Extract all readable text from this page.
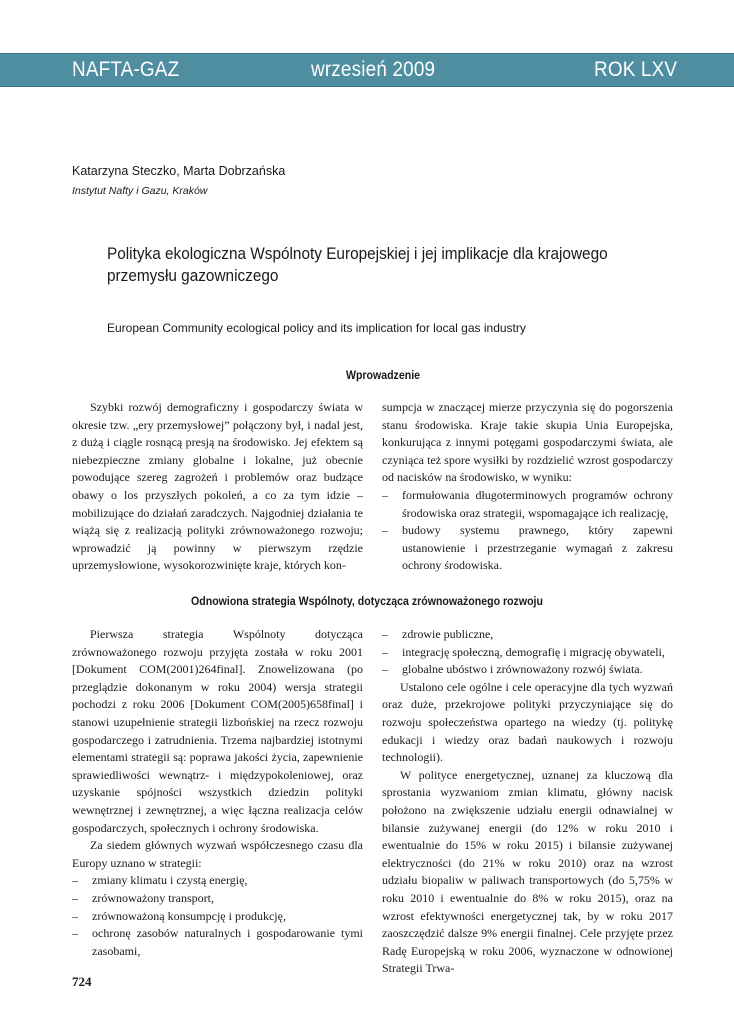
NAFTA-GAZ	wrzesień 2009	ROK LXV
Katarzyna Steczko, Marta Dobrzańska
Instytut Nafty i Gazu, Kraków
Polityka ekologiczna Wspólnoty Europejskiej i jej implikacje dla krajowego przemysłu gazowniczego
European Community ecological policy and its implication for local gas industry
Wprowadzenie

Szybki rozwój demograficzny i gospodarczy świata w okresie tzw. „ery przemysłowej” połączony był, i nadal jest, z dużą i ciągle rosnącą presją na środowisko. Jej efektem są niebezpieczne zmiany globalne i lokalne, już obecnie powodujące szereg zagrożeń i problemów oraz budzące obawy o los przyszłych pokoleń, a co za tym idzie – mobilizujące do działań zaradczych. Najgodniej działania te wiążą się z realizacją polityki zrównoważonego rozwoju; wprowadzić ją powinny w pierwszym rzędzie uprzemysłowione, wysokorozwinięte kraje, których kon-

sumpcja w znaczącej mierze przyczynia się do pogorszenia stanu środowiska. Kraje takie skupia Unia Europejska, konkurująca z innymi potęgami gospodarczymi świata, ale czyniąca też spore wysiłki by rozdzielić wzrost gospodarczy od nacisków na środowisko, w wyniku:

– formułowania długoterminowych programów ochrony środowiska oraz strategii, wspomagające ich realizację,
– budowy systemu prawnego, który zapewni ustanowienie i przestrzeganie wymagań z zakresu ochrony środowiska.
Odnowiona strategia Wspólnoty, dotycząca zrównoważonego rozwoju

Pierwsza strategia Wspólnoty dotycząca zrównoważonego rozwoju przyjęta została w roku 2001 [Dokument COM(2001)264final]. Znowelizowana (po przeglądzie dokonanym w roku 2004) wersja strategii pochodzi z roku 2006 [Dokument COM(2005)658final] i stanowi uzupełnienie strategii lizbońskiej na rzecz rozwoju gospodarczego i zatrudnienia. Trzema najbardziej istotnymi elementami strategii są: poprawa jakości życia, zapewnienie sprawiedliwości wewnątrz- i międzypokoleniowej, oraz uzyskanie spójności wszystkich dziedzin polityki wewnętrznej i zewnętrznej, a więc łączna realizacja celów gospodarczych, społecznych i ochrony środowiska.

Za siedem głównych wyzwań współczesnego czasu dla Europy uznano w strategii:

– zmiany klimatu i czystą energię,
– zrównoważony transport,
– zrównoważoną konsumpcję i produkcję,
– ochronę zasobów naturalnych i gospodarowanie tymi zasobami,
– zdrowie publiczne,
– integrację społeczną, demografię i migrację obywateli,
– globalne ubóstwo i zrównoważony rozwój świata.

Ustalono cele ogólne i cele operacyjne dla tych wyzwań oraz duże, przekrojowe polityki przyczyniające się do rozwoju społeczeństwa opartego na wiedzy (tj. politykę edukacji i wiedzy oraz badań naukowych i rozwoju technologii).

W polityce energetycznej, uznanej za kluczową dla sprostania wyzwaniom zmian klimatu, główny nacisk położono na zwiększenie udziału energii odnawialnej w bilansie zużywanej energii (do 12% w roku 2010 i ewentualnie do 15% w roku 2015) i bilansie zużywanej elektryczności (do 21% w roku 2010) oraz na wzrost udziału biopaliw w paliwach transportowych (do 5,75% w roku 2010 i ewentualnie do 8% w roku 2015), oraz na wzrost efektywności energetycznej tak, by w roku 2017 zaoszczędzić dalsze 9% energii finalnej. Cele przyjęte przez Radę Europejską w roku 2006, wyznaczone w odnowionej Strategii Trwa-

724
